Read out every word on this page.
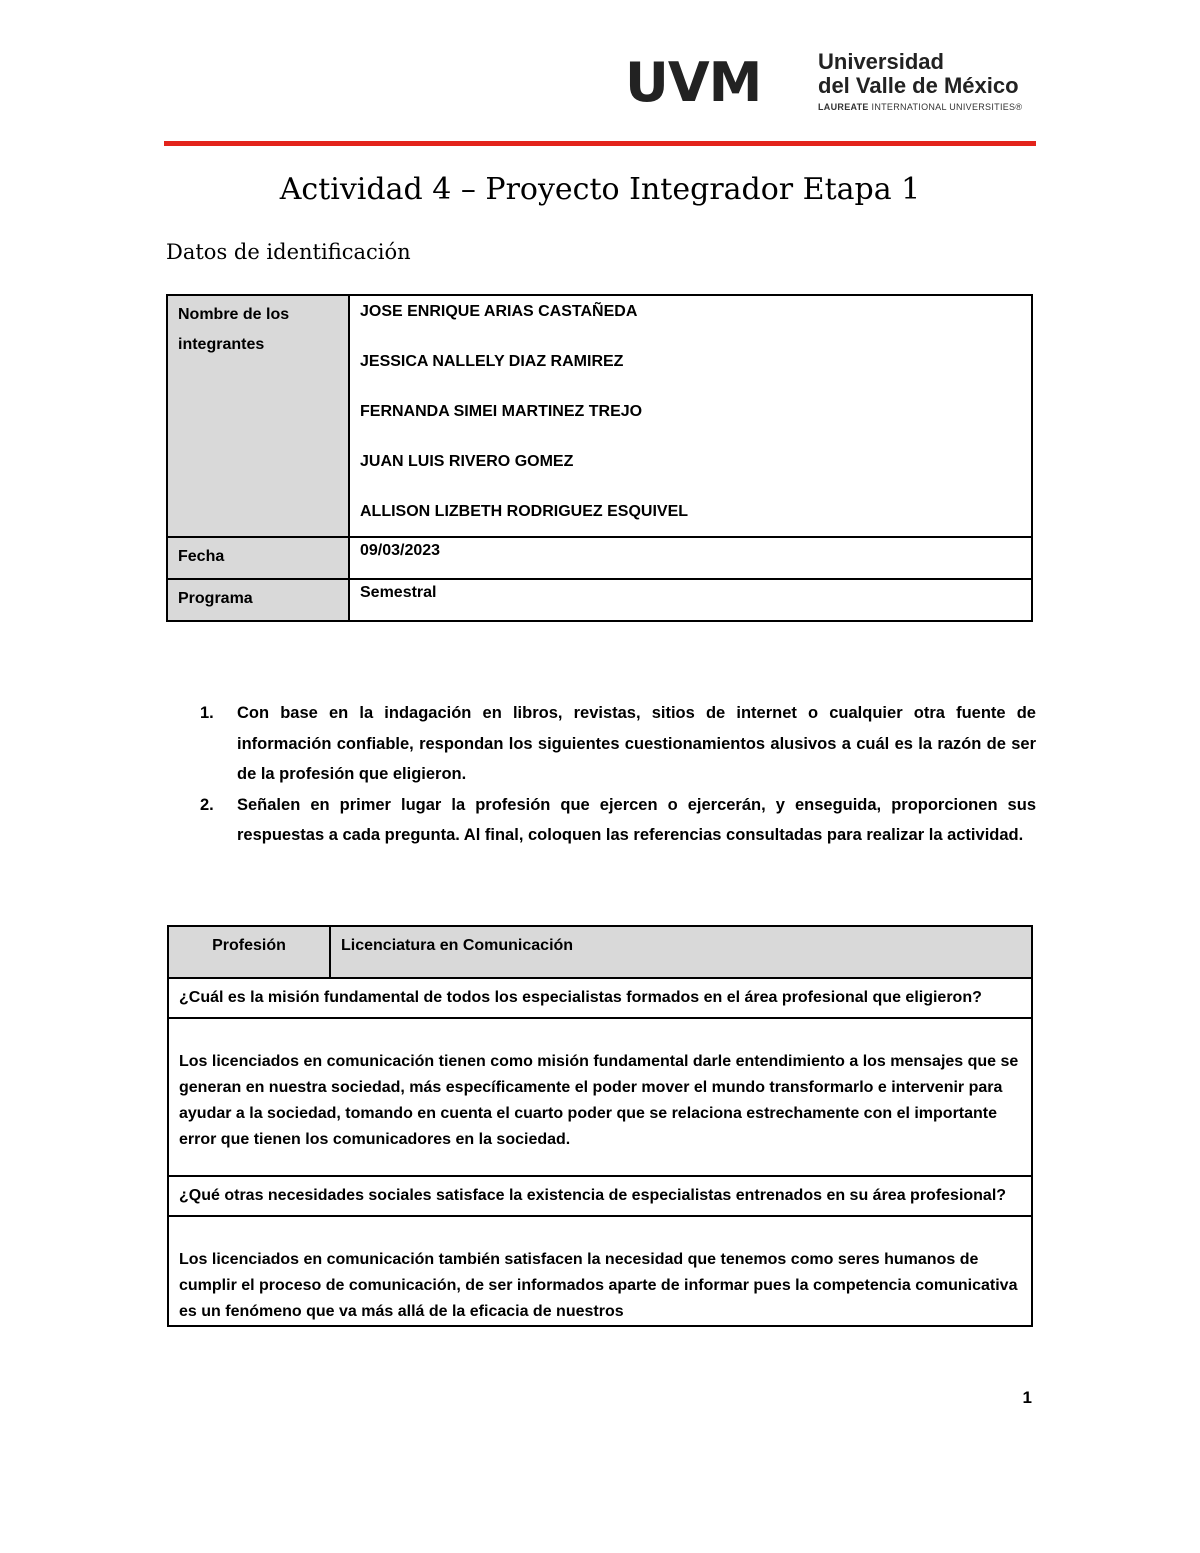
UVM	Universidad
del Valle de México
LAUREATE INTERNATIONAL UNIVERSITIES®
Actividad 4 – Proyecto Integrador Etapa 1
Datos de identificación
Nombre de los integrantes	JOSE ENRIQUE ARIAS CASTAÑEDA
JESSICA NALLELY DIAZ RAMIREZ
FERNANDA SIMEI MARTINEZ TREJO
JUAN LUIS RIVERO GOMEZ
ALLISON LIZBETH RODRIGUEZ ESQUIVEL

Fecha	09/03/2023
Programa	Semestral
1. Con base en la indagación en libros, revistas, sitios de internet o cualquier otra fuente de información confiable, respondan los siguientes cuestionamientos alusivos a cuál es la razón de ser de la profesión que eligieron.
2. Señalen en primer lugar la profesión que ejercen o ejercerán, y enseguida, proporcionen sus respuestas a cada pregunta. Al final, coloquen las referencias consultadas para realizar la actividad.
Profesión	Licenciatura en Comunicación
¿Cuál es la misión fundamental de todos los especialistas formados en el área profesional que eligieron?
Los licenciados en comunicación tienen como misión fundamental darle entendimiento a los mensajes que se generan en nuestra sociedad, más específicamente el poder mover el mundo transformarlo e intervenir para ayudar a la sociedad, tomando en cuenta el cuarto poder que se relaciona estrechamente con el importante error que tienen los comunicadores en la sociedad.
¿Qué otras necesidades sociales satisface la existencia de especialistas entrenados en su área profesional?
Los licenciados en comunicación también satisfacen la necesidad que tenemos como seres humanos de cumplir el proceso de comunicación, de ser informados aparte de informar pues la competencia comunicativa es un fenómeno que va más allá de la eficacia de nuestros
1
